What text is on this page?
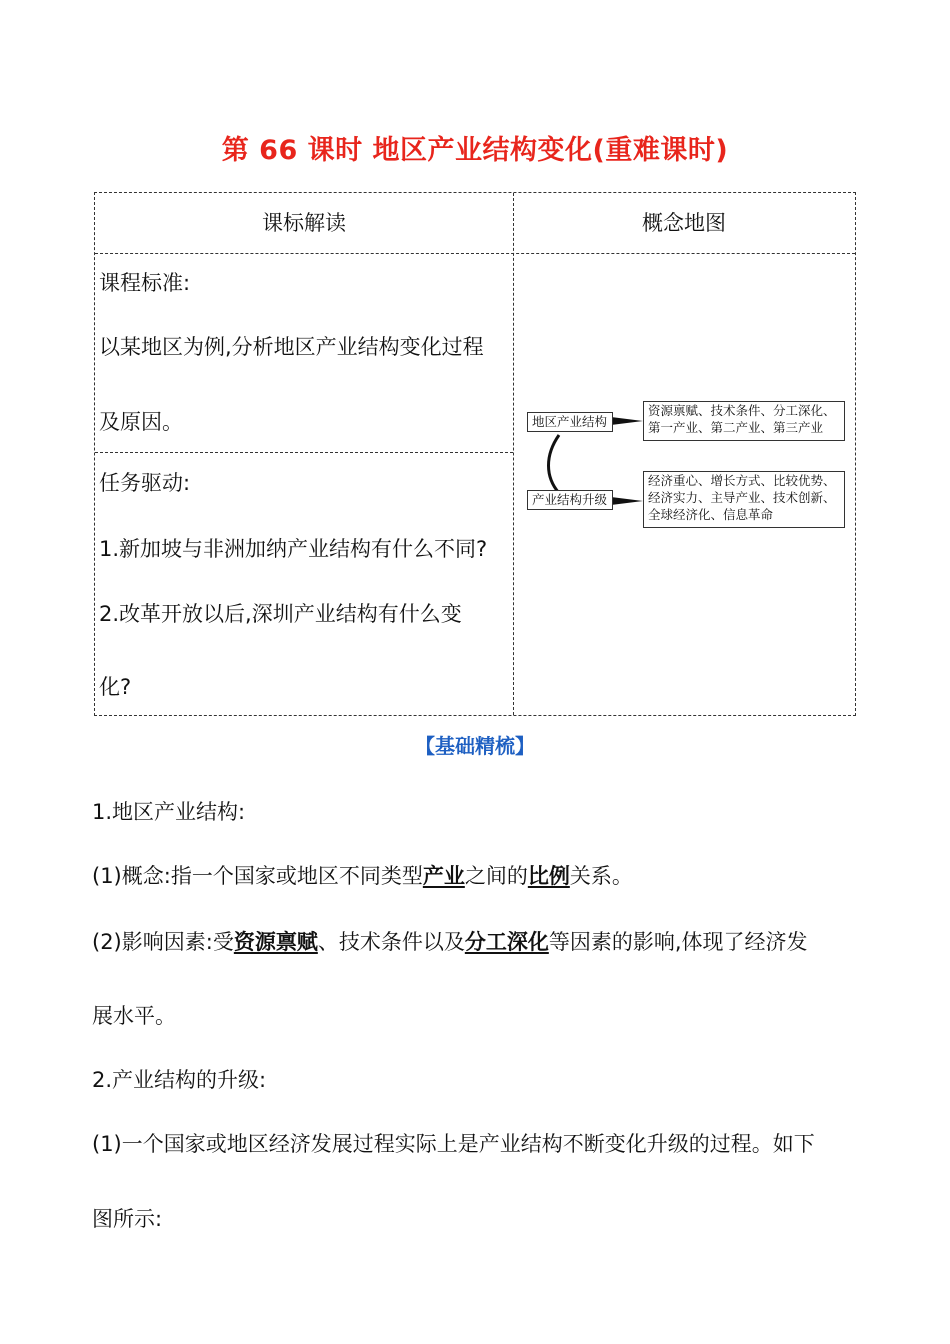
第 66 课时 地区产业结构变化(重难课时)
课标解读	概念地图
课程标准:
以某地区为例,分析地区产业结构变化过程
及原因。
任务驱动:
1.新加坡与非洲加纳产业结构有什么不同?
2.改革开放以后,深圳产业结构有什么变
化?
地区产业结构
资源禀赋、技术条件、分工深化、
第一产业、第二产业、第三产业
产业结构升级
经济重心、增长方式、比较优势、
经济实力、主导产业、技术创新、
全球经济化、信息革命
【基础精梳】
1.地区产业结构:
(1)概念:指一个国家或地区不同类型产业之间的比例关系。
(2)影响因素:受资源禀赋、技术条件以及分工深化等因素的影响,体现了经济发
展水平。
2.产业结构的升级:
(1)一个国家或地区经济发展过程实际上是产业结构不断变化升级的过程。如下
图所示:
